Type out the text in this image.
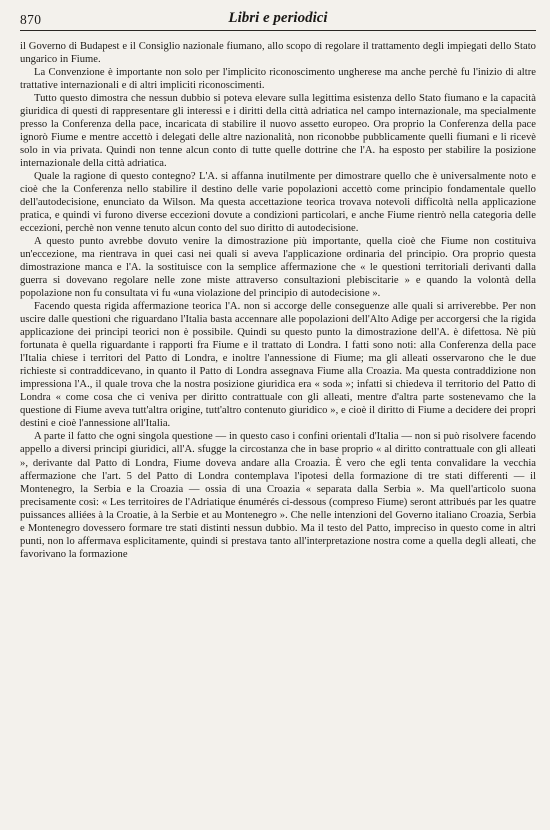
870	Libri e periodici

il Governo di Budapest e il Consiglio nazionale fiumano, allo scopo di regolare il trattamento degli impiegati dello Stato ungarico in Fiume.

La Convenzione è importante non solo per l'implicito riconoscimento ungherese ma anche perchè fu l'inizio di altre trattative internazionali e di altri impliciti riconoscimenti.

Tutto questo dimostra che nessun dubbio si poteva elevare sulla legittima esistenza dello Stato fiumano e la capacità giuridica di questi di rappresentare gli interessi e i diritti della città adriatica nel campo internazionale, ma specialmente presso la Conferenza della pace, incaricata di stabilire il nuovo assetto europeo. Ora proprio la Conferenza della pace ignorò Fiume e mentre accettò i delegati delle altre nazionalità, non riconobbe pubblicamente quelli fiumani e li ricevè solo in via privata. Quindi non tenne alcun conto di tutte quelle dottrine che l'A. ha esposto per stabilire la posizione internazionale della città adriatica.

Quale la ragione di questo contegno? L'A. si affanna inutilmente per dimostrare quello che è universalmente noto e cioè che la Conferenza nello stabilire il destino delle varie popolazioni accettò come principio fondamentale quello dell'autodecisione, enunciato da Wilson. Ma questa accettazione teorica trovava notevoli difficoltà nella applicazione pratica, e quindi vi furono diverse eccezioni dovute a condizioni particolari, e anche Fiume rientrò nella categoria delle eccezioni, perchè non venne tenuto alcun conto del suo diritto di autodecisione.

A questo punto avrebbe dovuto venire la dimostrazione più importante, quella cioè che Fiume non costituiva un'eccezione, ma rientrava in quei casi nei quali si aveva l'applicazione ordinaria del principio. Ora proprio questa dimostrazione manca e l'A. la sostituisce con la semplice affermazione che « le questioni territoriali derivanti dalla guerra si dovevano regolare nelle zone miste attraverso consultazioni plebiscitarie » e quando la volontà della popolazione non fu consultata vi fu «una violazione del principio di autodecisione ».

Facendo questa rigida affermazione teorica l'A. non si accorge delle conseguenze alle quali si arriverebbe. Per non uscire dalle questioni che riguardano l'Italia basta accennare alle popolazioni dell'Alto Adige per accorgersi che la rigida applicazione dei principi teorici non è possibile. Quindi su questo punto la dimostrazione dell'A. è difettosa. Nè più fortunata è quella riguardante i rapporti fra Fiume e il trattato di Londra. I fatti sono noti: alla Conferenza della pace l'Italia chiese i territori del Patto di Londra, e inoltre l'annessione di Fiume; ma gli alleati osservarono che le due richieste si contraddicevano, in quanto il Patto di Londra assegnava Fiume alla Croazia. Ma questa contraddizione non impressiona l'A., il quale trova che la nostra posizione giuridica era « soda »; infatti si chiedeva il territorio del Patto di Londra « come cosa che ci veniva per diritto contrattuale con gli alleati, mentre d'altra parte sostenevamo che la questione di Fiume aveva tutt'altra origine, tutt'altro contenuto giuridico », e cioè il diritto di Fiume a decidere dei propri destini e cioè l'annessione all'Italia.

A parte il fatto che ogni singola questione — in questo caso i confini orientali d'Italia — non si può risolvere facendo appello a diversi principi giuridici, all'A. sfugge la circostanza che in base proprio « al diritto contrattuale con gli alleati », derivante dal Patto di Londra, Fiume doveva andare alla Croazia. È vero che egli tenta convalidare la vecchia affermazione che l'art. 5 del Patto di Londra contemplava l'ipotesi della formazione di tre stati differenti — il Montenegro, la Serbia e la Croazia — ossia di una Croazia « separata dalla Serbia ». Ma quell'articolo suona precisamente così: « Les territoires de l'Adriatique énumérés ci-dessous (compreso Fiume) seront attribués par les quatre puissances alliées à la Croatie, à la Serbie et au Montenegro ». Che nelle intenzioni del Governo italiano Croazia, Serbia e Montenegro dovessero formare tre stati distinti nessun dubbio. Ma il testo del Patto, impreciso in questo come in altri punti, non lo affermava esplicitamente, quindi si prestava tanto all'interpretazione nostra come a quella degli alleati, che favorivano la formazione
